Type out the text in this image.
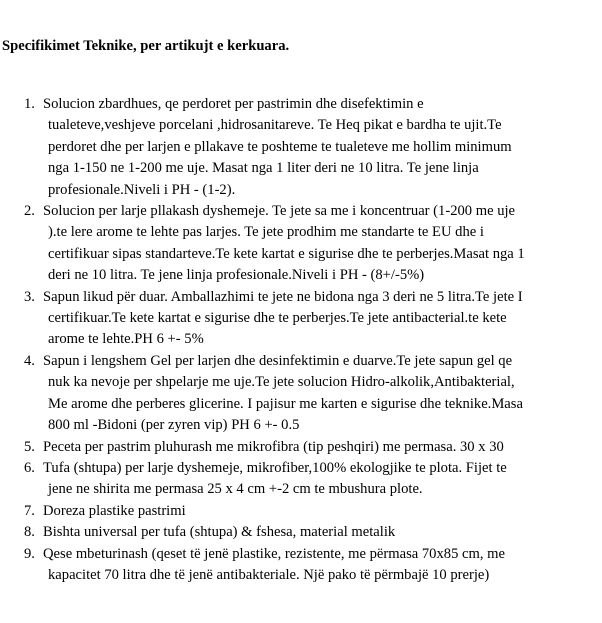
Specifikimet Teknike, per artikujt e kerkuara.
1. Solucion zbardhues, qe perdoret per pastrimin dhe disefektimin e
tualeteve,veshjeve porcelani ,hidrosanitareve. Te Heq pikat e bardha te ujit.Te
perdoret dhe per larjen e pllakave te poshteme te tualeteve me hollim minimum
nga 1-150 ne 1-200 me uje. Masat nga 1 liter deri ne 10 litra. Te jene linja
profesionale.Niveli i PH - (1-2).
2. Solucion per larje pllakash dyshemeje. Te jete sa me i koncentruar (1-200 me uje
).te lere arome te lehte pas larjes. Te jete prodhim me standarte te EU dhe i
certifikuar sipas standarteve.Te kete kartat e sigurise dhe te perberjes.Masat nga 1
deri ne 10 litra. Te jene linja profesionale.Niveli i PH - (8+/-5%)
3. Sapun likud për duar. Amballazhimi te jete ne bidona nga 3 deri ne 5 litra.Te jete I
certifikuar.Te kete kartat e sigurise dhe te perberjes.Te jete antibacterial.te kete
arome te lehte.PH 6 +- 5%
4. Sapun i lengshem Gel per larjen dhe desinfektimin e duarve.Te jete sapun gel qe
nuk ka nevoje per shpelarje me uje.Te jete solucion Hidro-alkolik,Antibakterial,
Me arome dhe perberes glicerine. I pajisur me karten e sigurise dhe teknike.Masa
800 ml -Bidoni (per zyren vip) PH 6 +- 0.5
5. Peceta per pastrim pluhurash me mikrofibra (tip peshqiri) me permasa. 30 x 30
6. Tufa (shtupa) per larje dyshemeje, mikrofiber,100% ekologjike te plota. Fijet te
jene ne shirita me permasa 25 x 4 cm +-2 cm te mbushura plote.
7. Doreza plastike pastrimi
8. Bishta universal per tufa (shtupa) & fshesa, material metalik
9. Qese mbeturinash (qeset të jenë plastike, rezistente, me përmasa 70x85 cm, me
kapacitet 70 litra dhe të jenë antibakteriale. Një pako të përmbajë 10 prerje)
